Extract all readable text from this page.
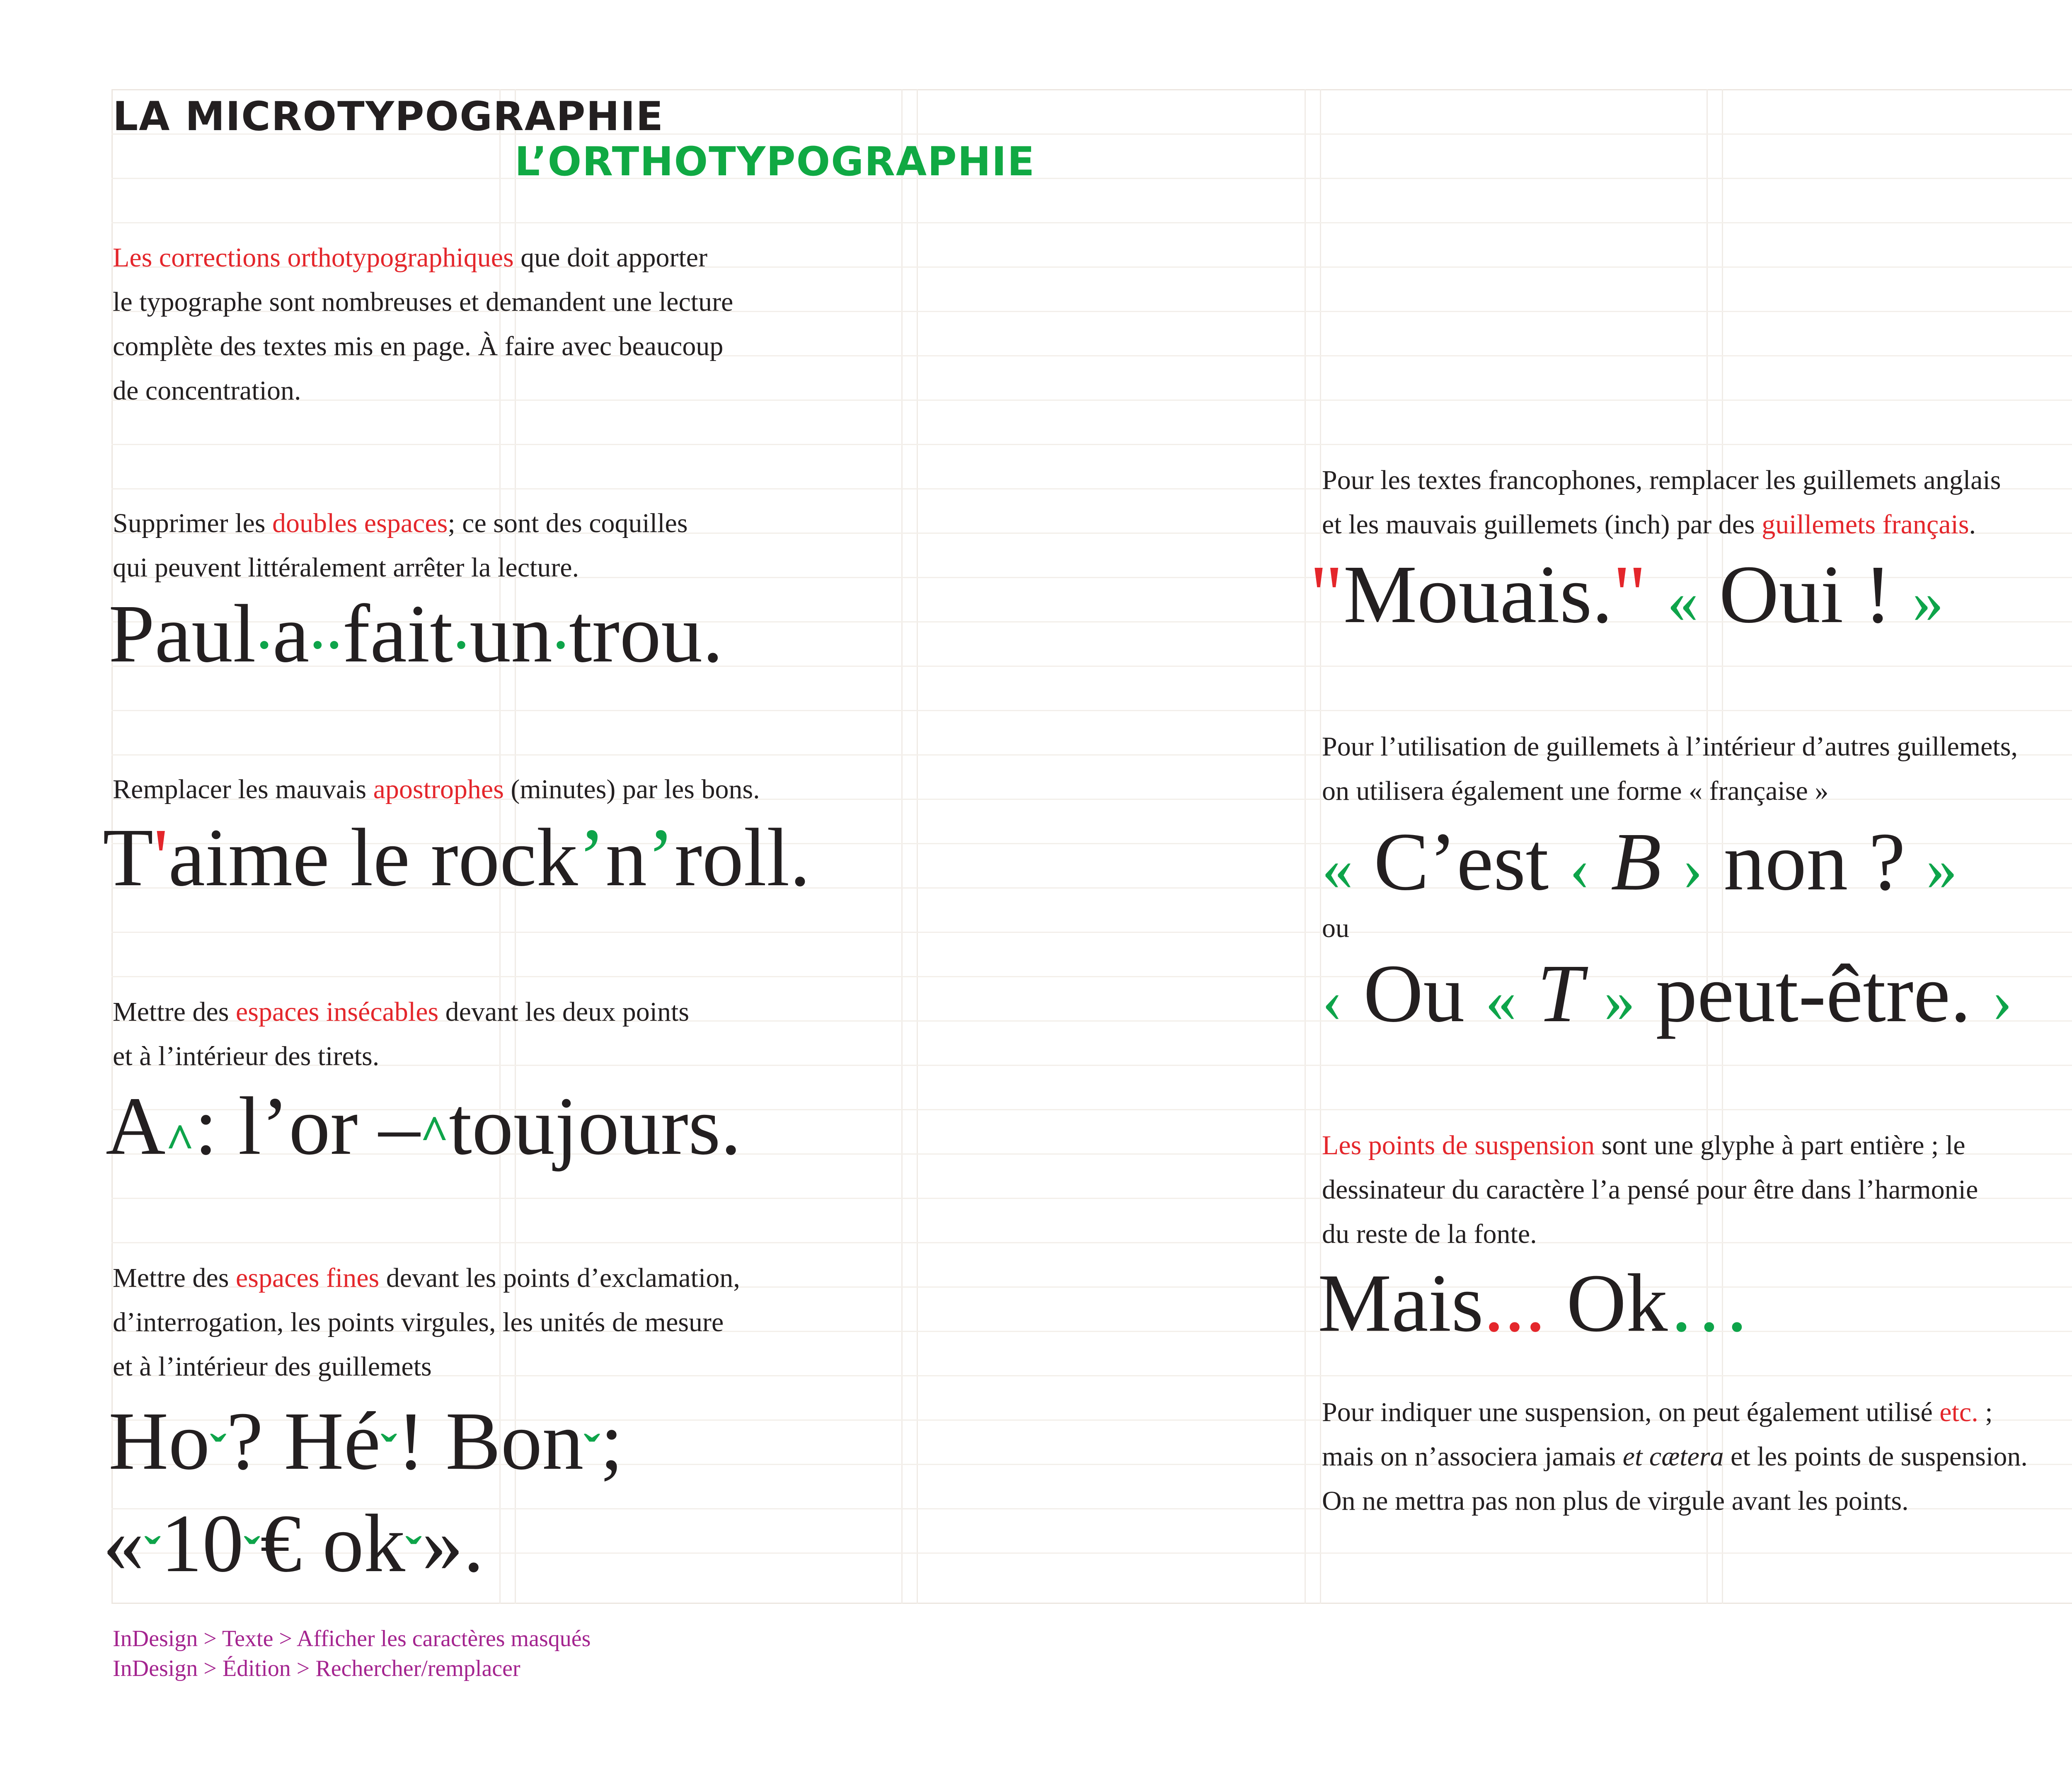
LA MICROTYPOGRAPHIE
L’ORTHOTYPOGRAPHIE
Les corrections orthotypographiques que doit apporter
le typographe sont nombreuses et demandent une lecture
complète des textes mis en page. À faire avec beaucoup
de concentration.
Supprimer les doubles espaces; ce sont des coquilles
qui peuvent littéralement arrêter la lecture.
Paul·a··fait·un·trou.
Remplacer les mauvais apostrophes (minutes) par les bons.
T'aime le rock’n’roll.
Mettre des espaces insécables devant les deux points
et à l’intérieur des tirets.
A^: l’or –^toujours.
Mettre des espaces fines devant les points d’exclamation,
d’interrogation, les points virgules, les unités de mesure
et à l’intérieur des guillemets
Hoˇ? Héˇ! Bonˇ;
«ˇ10ˇ€ okˇ».
Pour les textes francophones, remplacer les guillemets anglais
et les mauvais guillemets (inch) par des guillemets français.
"Mouais." « Oui ! »
Pour l’utilisation de guillemets à l’intérieur d’autres guillemets,
on utilisera également une forme « française »
« C’est ‹ B › non ? »
ou
‹ Ou « T » peut-être. ›
Les points de suspension sont une glyphe à part entière ; le
dessinateur du caractère l’a pensé pour être dans l’harmonie
du reste de la fonte.
Mais... Ok…
Pour indiquer une suspension, on peut également utilisé etc. ;
mais on n’associera jamais et cætera et les points de suspension.
On ne mettra pas non plus de virgule avant les points.
InDesign > Texte > Afficher les caractères masqués
InDesign > Édition > Rechercher/remplacer
